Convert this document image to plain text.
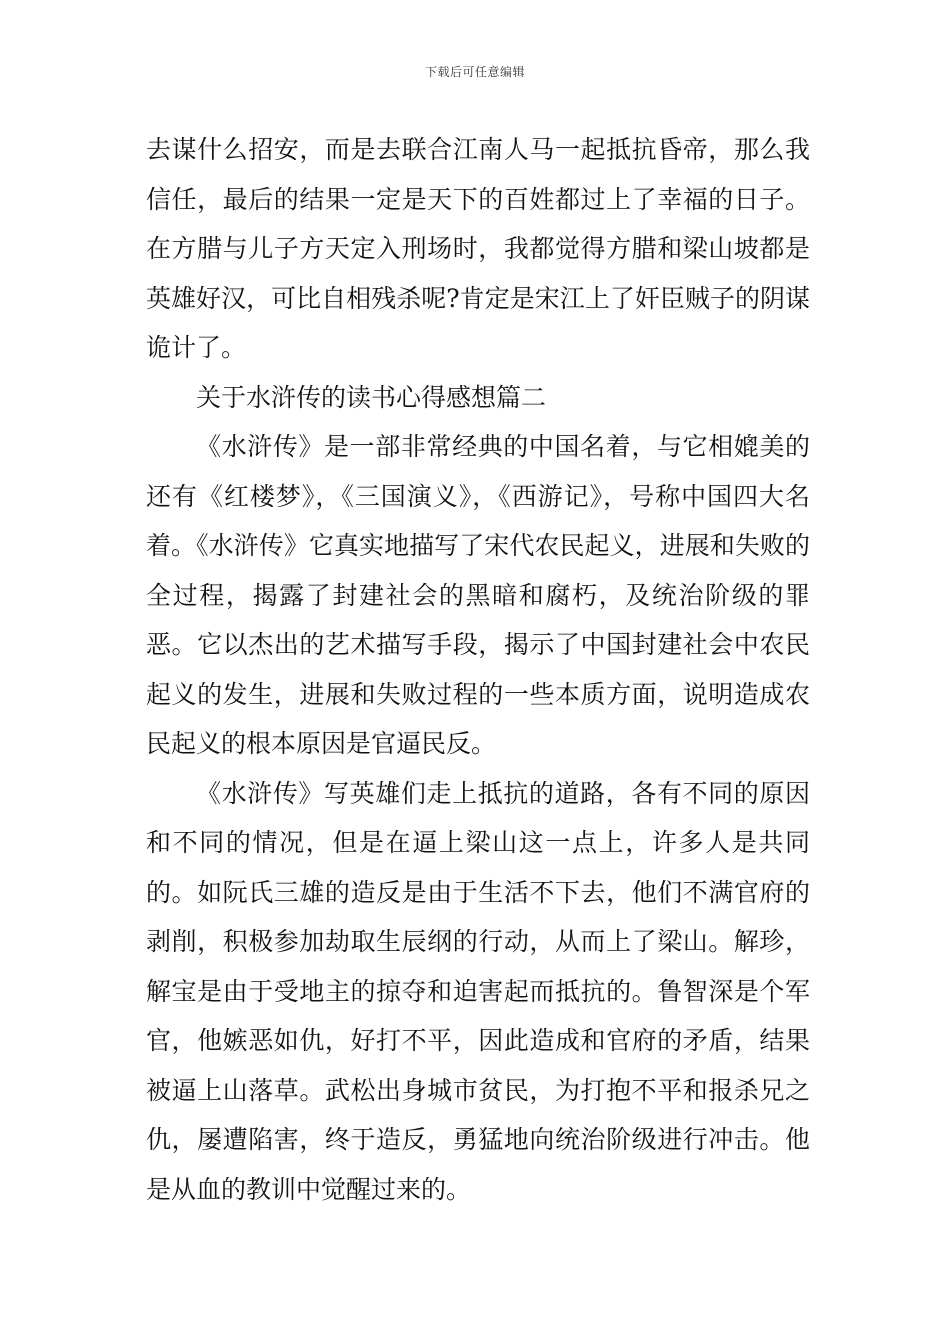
下载后可任意编辑

去谋什么招安，而是去联合江南人马一起抵抗昏帝，那么我信任，最后的结果一定是天下的百姓都过上了幸福的日子。在方腊与儿子方天定入刑场时，我都觉得方腊和梁山坡都是英雄好汉，可比自相残杀呢?肯定是宋江上了奸臣贼子的阴谋诡计了。

关于水浒传的读书心得感想篇二

《水浒传》是一部非常经典的中国名着，与它相媲美的还有《红楼梦》，《三国演义》，《西游记》，号称中国四大名着。《水浒传》它真实地描写了宋代农民起义，进展和失败的全过程，揭露了封建社会的黑暗和腐朽，及统治阶级的罪恶。它以杰出的艺术描写手段，揭示了中国封建社会中农民起义的发生，进展和失败过程的一些本质方面，说明造成农民起义的根本原因是官逼民反。

《水浒传》写英雄们走上抵抗的道路，各有不同的原因和不同的情况，但是在逼上梁山这一点上，许多人是共同的。如阮氏三雄的造反是由于生活不下去，他们不满官府的剥削，积极参加劫取生辰纲的行动，从而上了梁山。解珍，解宝是由于受地主的掠夺和迫害起而抵抗的。鲁智深是个军官，他嫉恶如仇，好打不平，因此造成和官府的矛盾，结果被逼上山落草。武松出身城市贫民，为打抱不平和报杀兄之仇，屡遭陷害，终于造反，勇猛地向统治阶级进行冲击。他是从血的教训中觉醒过来的。
